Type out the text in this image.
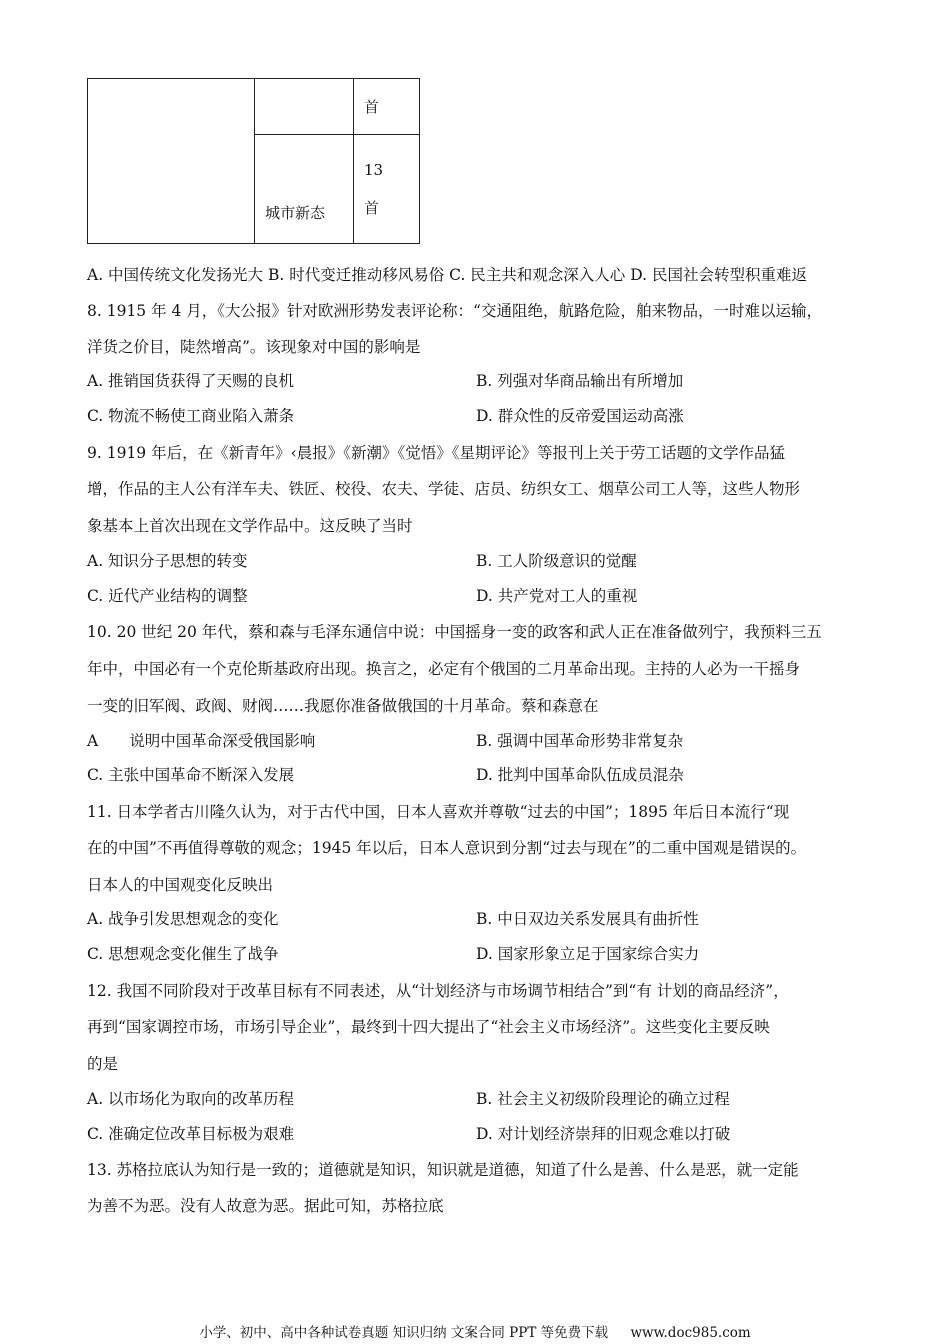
		首

	城市新态	13
首
A. 中国传统文化发扬光大 B. 时代变迁推动移风易俗 C. 民主共和观念深入人心 D. 民国社会转型积重难返
8. 1915 年 4 月，《大公报》针对欧洲形势发表评论称：“交通阻绝，航路危险，舶来物品，一时难以运输，
洋货之价目，陡然增高”。该现象对中国的影响是
A. 推销国货获得了天赐的良机	B. 列强对华商品输出有所增加
C. 物流不畅使工商业陷入萧条	D. 群众性的反帝爱国运动高涨
9. 1919 年后，在《新青年》‹晨报》《新潮》《觉悟》《星期评论》等报刊上关于劳工话题的文学作品猛
增，作品的主人公有洋车夫、铁匠、校役、农夫、学徒、店员、纺织女工、烟草公司工人等，这些人物形
象基本上首次出现在文学作品中。这反映了当时
A. 知识分子思想的转变	B. 工人阶级意识的觉醒
C. 近代产业结构的调整	D. 共产党对工人的重视
10. 20 世纪 20 年代，蔡和森与毛泽东通信中说：中国摇身一变的政客和武人正在准备做列宁，我预料三五
年中，中国必有一个克伦斯基政府出现。换言之，必定有个俄国的二月革命出现。主持的人必为一干摇身
一变的旧军阀、政阀、财阀……我愿你准备做俄国的十月革命。蔡和森意在
A　　说明中国革命深受俄国影响	B. 强调中国革命形势非常复杂
C. 主张中国革命不断深入发展	D. 批判中国革命队伍成员混杂
11. 日本学者古川隆久认为，对于古代中国，日本人喜欢并尊敬“过去的中国”；1895 年后日本流行“现
在的中国”不再值得尊敬的观念；1945 年以后，日本人意识到分割“过去与现在”的二重中国观是错误的。
日本人的中国观变化反映出
A. 战争引发思想观念的变化	B. 中日双边关系发展具有曲折性
C. 思想观念变化催生了战争	D. 国家形象立足于国家综合实力
12. 我国不同阶段对于改革目标有不同表述，从“计划经济与市场调节相结合”到“有 计划的商品经济”，
再到“国家调控市场，市场引导企业”，最终到十四大提出了“社会主义市场经济”。这些变化主要反映
的是
A. 以市场化为取向的改革历程	B. 社会主义初级阶段理论的确立过程
C. 准确定位改革目标极为艰难	D. 对计划经济崇拜的旧观念难以打破
13. 苏格拉底认为知行是一致的；道德就是知识，知识就是道德，知道了什么是善、什么是恶，就一定能
为善不为恶。没有人故意为恶。据此可知，苏格拉底
小学、初中、高中各种试卷真题 知识归纳 文案合同 PPT 等免费下载 www.doc985.com
